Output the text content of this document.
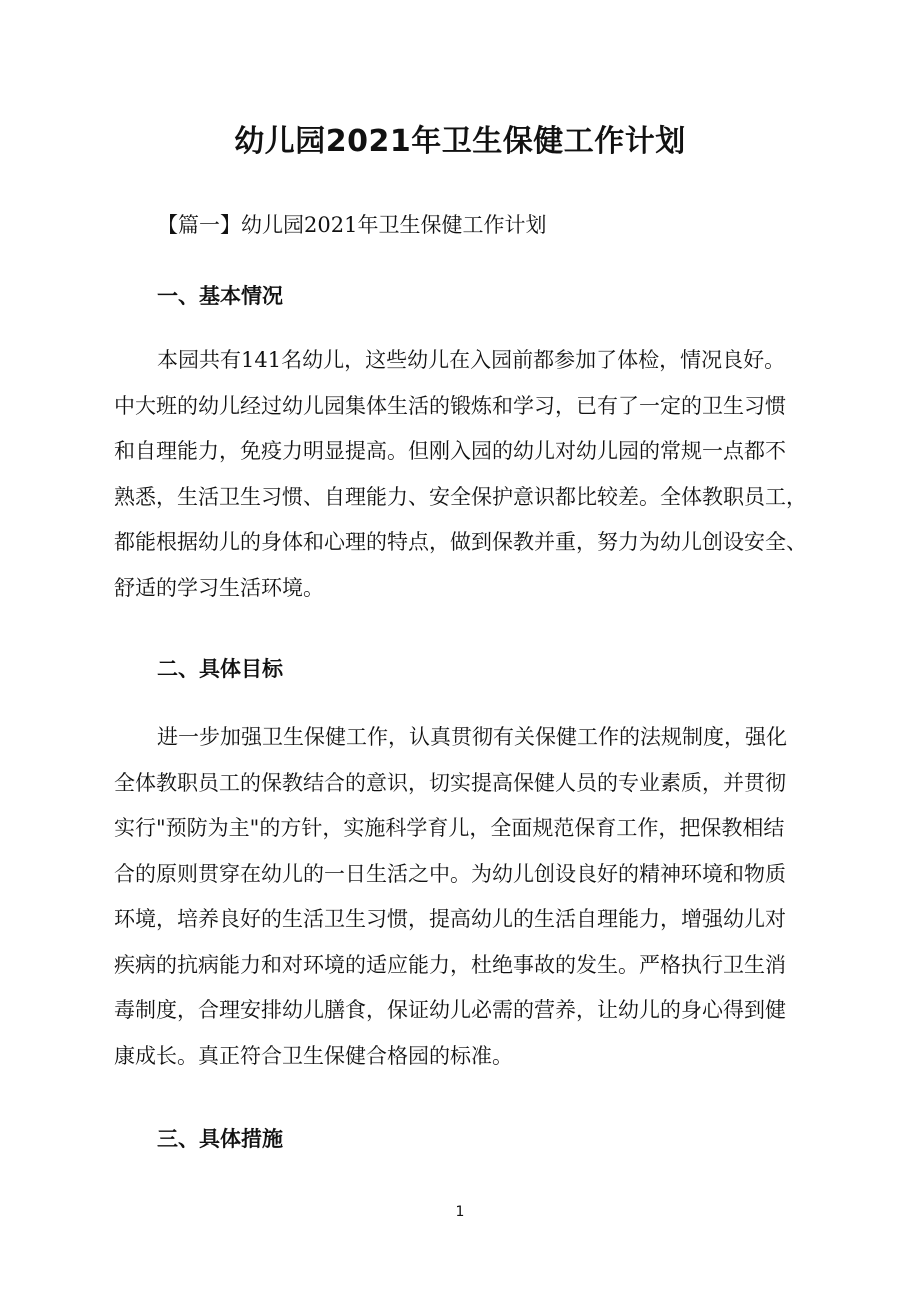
幼儿园2021年卫生保健工作计划
【篇一】幼儿园2021年卫生保健工作计划
一、基本情况

本园共有141名幼儿，这些幼儿在入园前都参加了体检，情况良好。
中大班的幼儿经过幼儿园集体生活的锻炼和学习，已有了一定的卫生习惯
和自理能力，免疫力明显提高。但刚入园的幼儿对幼儿园的常规一点都不
熟悉，生活卫生习惯、自理能力、安全保护意识都比较差。全体教职员工，
都能根据幼儿的身体和心理的特点，做到保教并重，努力为幼儿创设安全、
舒适的学习生活环境。

二、具体目标

进一步加强卫生保健工作，认真贯彻有关保健工作的法规制度，强化
全体教职员工的保教结合的意识，切实提高保健人员的专业素质，并贯彻
实行"预防为主"的方针，实施科学育儿，全面规范保育工作，把保教相结
合的原则贯穿在幼儿的一日生活之中。为幼儿创设良好的精神环境和物质
环境，培养良好的生活卫生习惯，提高幼儿的生活自理能力，增强幼儿对
疾病的抗病能力和对环境的适应能力，杜绝事故的发生。严格执行卫生消
毒制度，合理安排幼儿膳食，保证幼儿必需的营养，让幼儿的身心得到健
康成长。真正符合卫生保健合格园的标准。

三、具体措施
1
